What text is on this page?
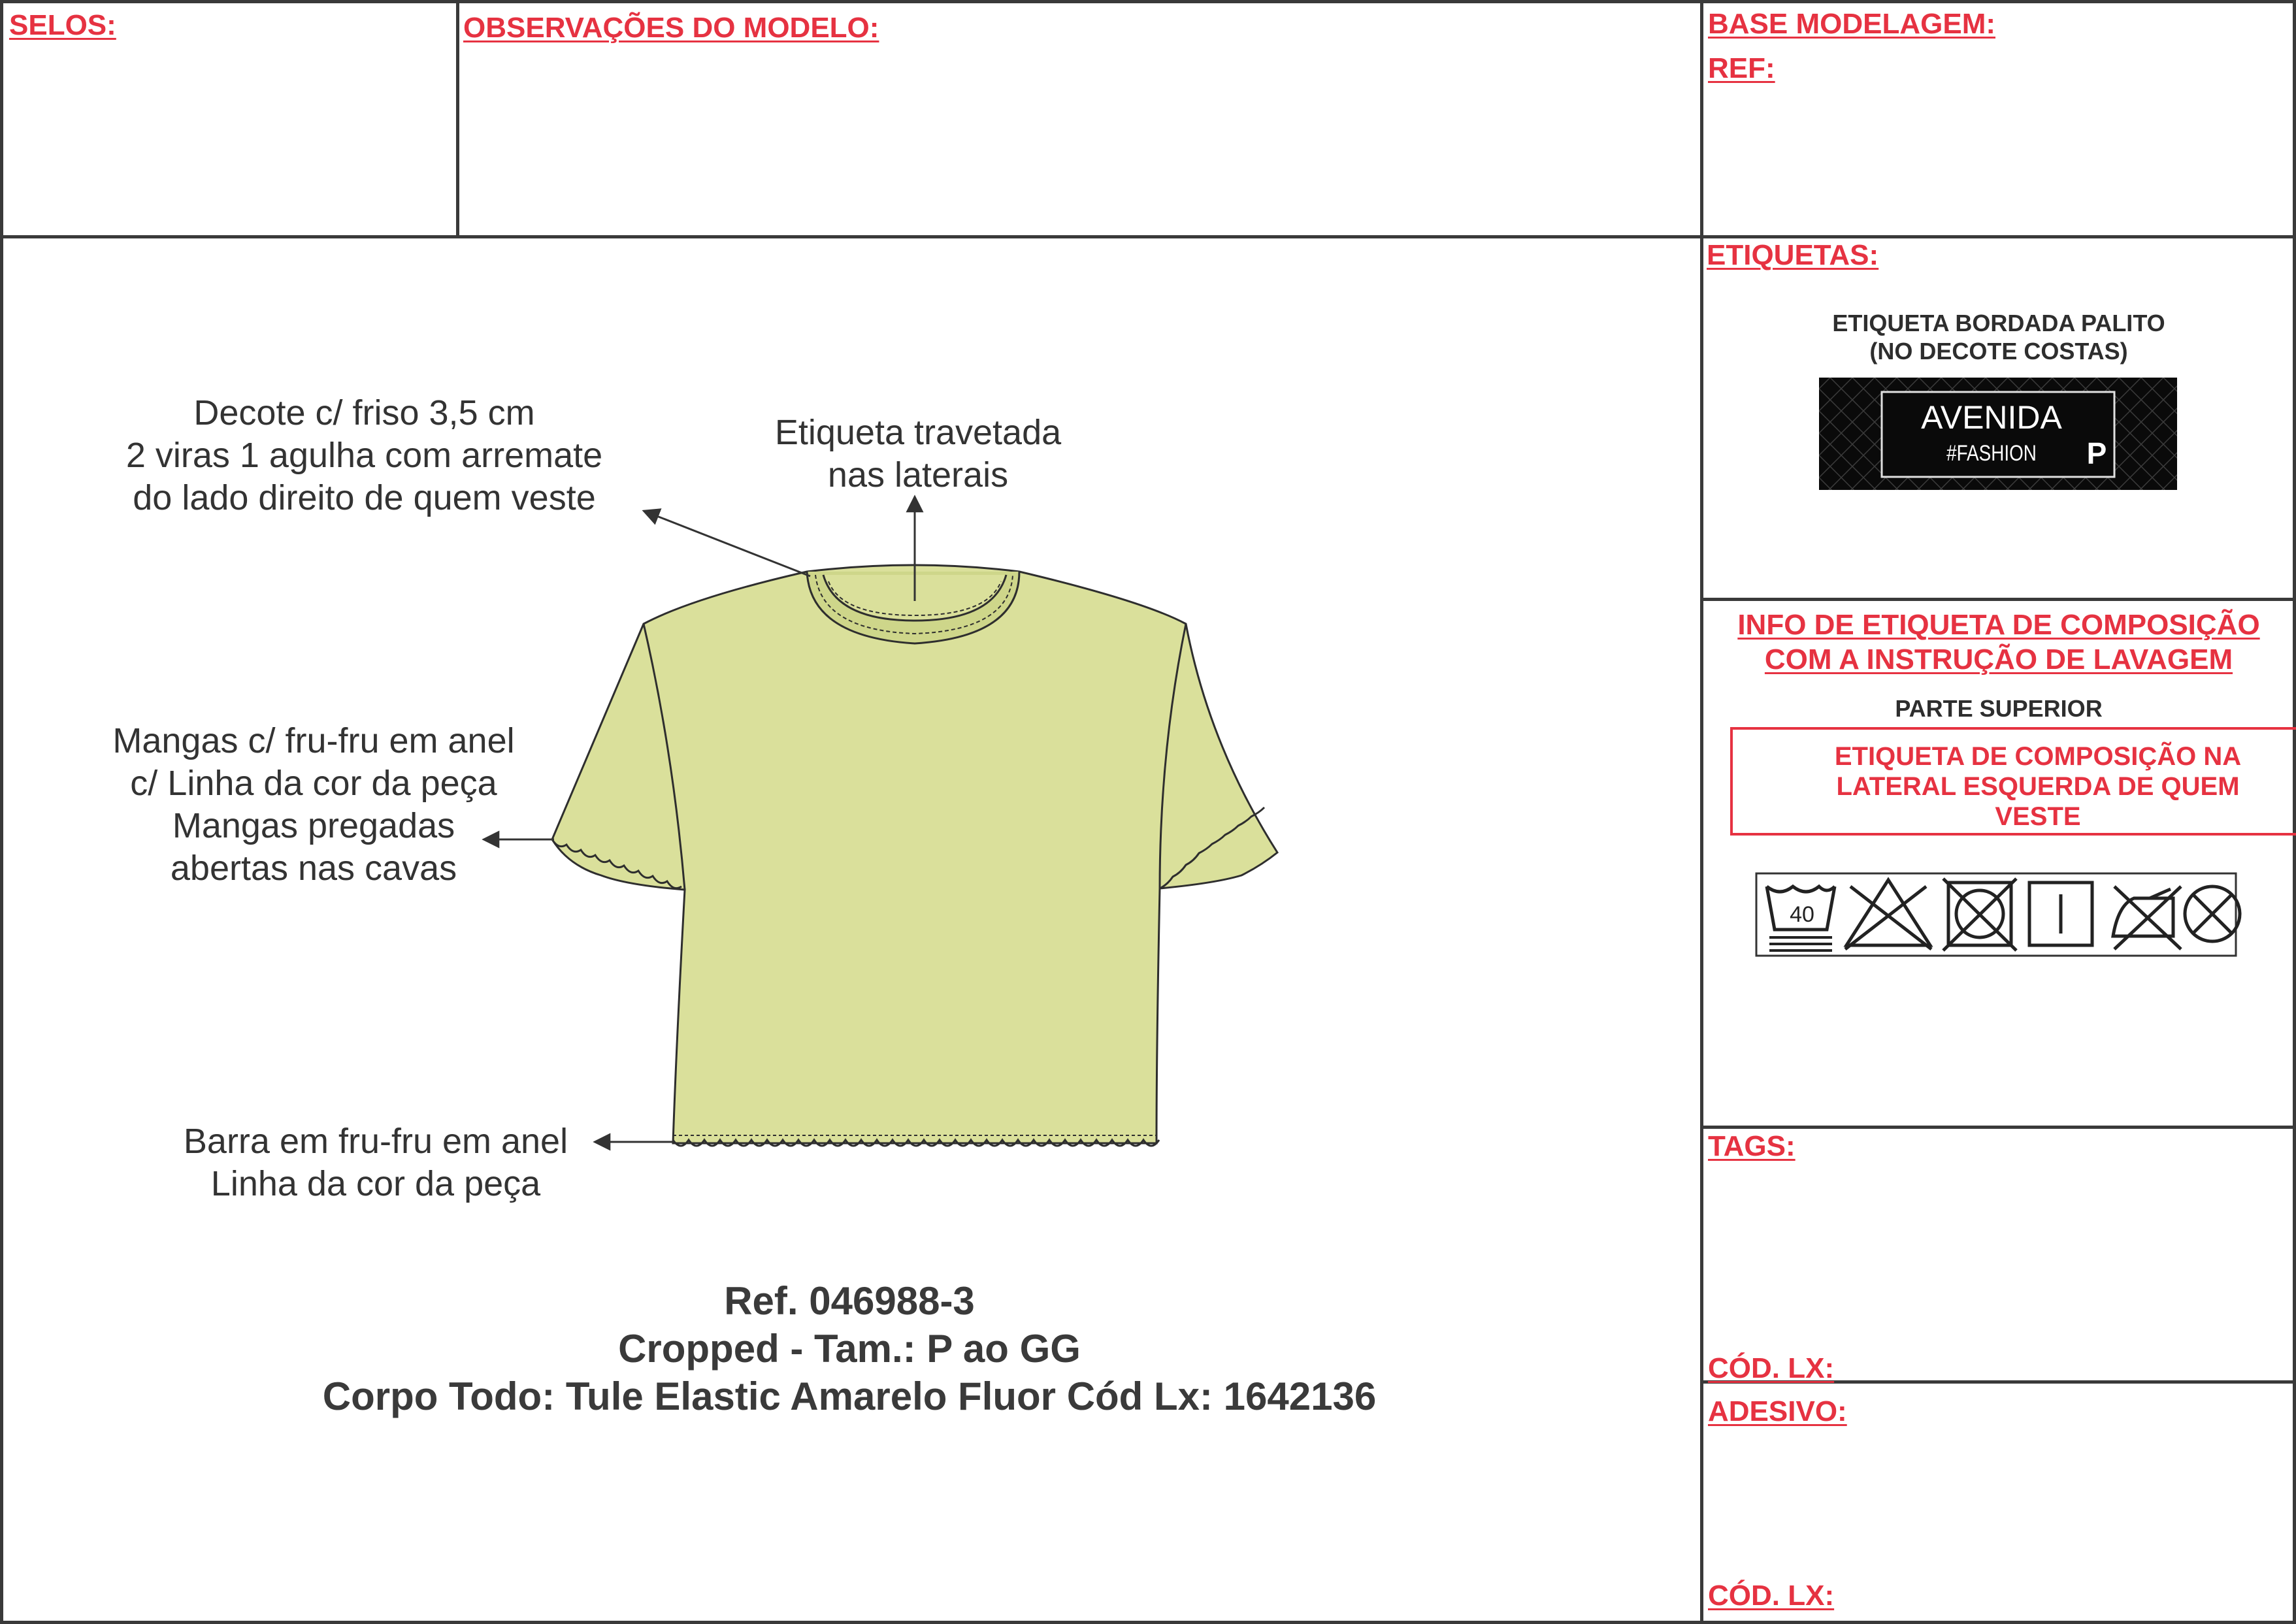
SELOS:	OBSERVAÇÕES DO MODELO:	BASE MODELAGEM:
REF:
ETIQUETAS:
ETIQUETA BORDADA PALITO
(NO DECOTE COSTAS)
AVENIDA
#FASHION P
INFO DE ETIQUETA DE COMPOSIÇÃO
COM A INSTRUÇÃO DE LAVAGEM
PARTE SUPERIOR
ETIQUETA DE COMPOSIÇÃO NA
LATERAL ESQUERDA DE QUEM
VESTE
40
TAGS:
CÓD. LX:
ADESIVO:
CÓD. LX:
Decote c/ friso 3,5 cm
2 viras 1 agulha com arremate
do lado direito de quem veste
Etiqueta travetada
nas laterais
Mangas c/ fru-fru em anel
c/ Linha da cor da peça
Mangas pregadas
abertas nas cavas
Barra em fru-fru em anel
Linha da cor da peça
Ref. 046988-3
Cropped - Tam.: P ao GG
Corpo Todo: Tule Elastic Amarelo Fluor Cód Lx: 1642136
